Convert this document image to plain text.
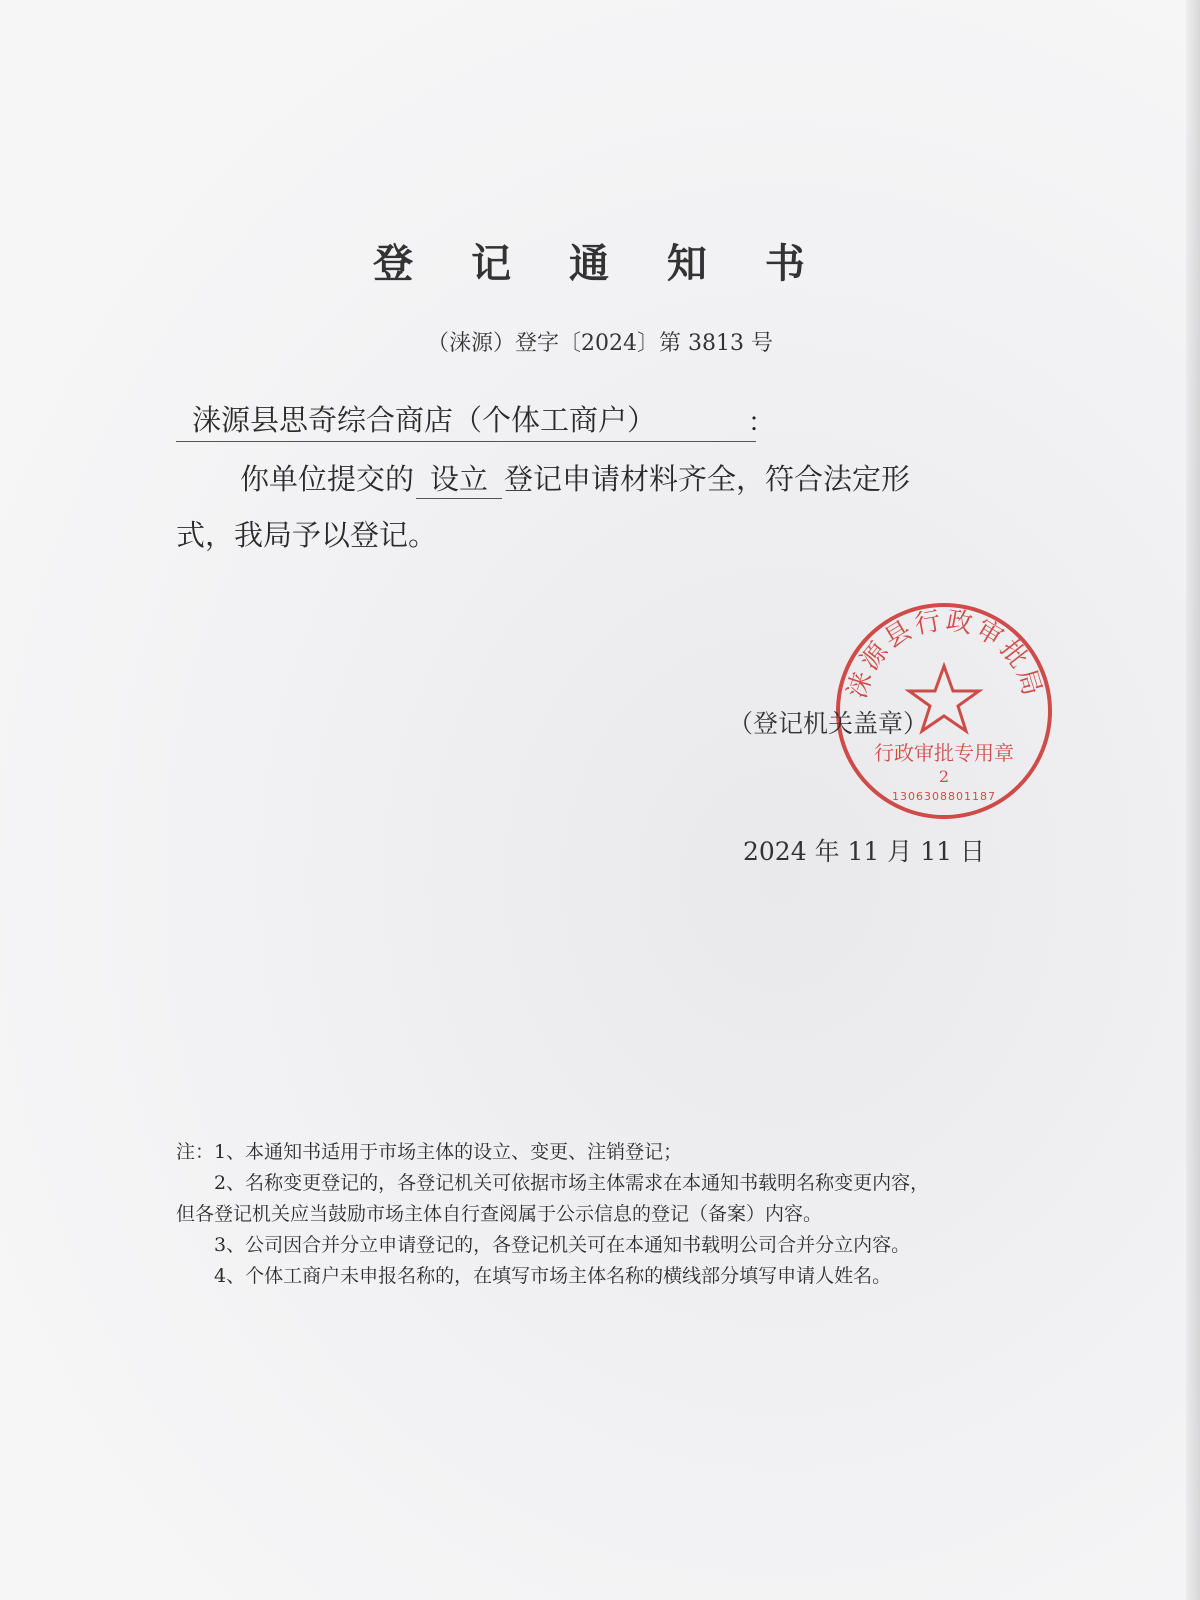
登 记 通 知 书
（涞源）登字〔2024〕第 3813 号
涞源县思奇综合商店（个体工商户）	：
你单位提交的 设立 登记申请材料齐全，符合法定形
式，我局予以登记。
涞源县行政审批局
行政审批专用章
2
1306308801187
（登记机关盖章）
2024 年 11 月 11 日
注：1、本通知书适用于市场主体的设立、变更、注销登记；
　　2、名称变更登记的，各登记机关可依据市场主体需求在本通知书载明名称变更内容，
但各登记机关应当鼓励市场主体自行查阅属于公示信息的登记（备案）内容。
　　3、公司因合并分立申请登记的，各登记机关可在本通知书载明公司合并分立内容。
　　4、个体工商户未申报名称的，在填写市场主体名称的横线部分填写申请人姓名。
